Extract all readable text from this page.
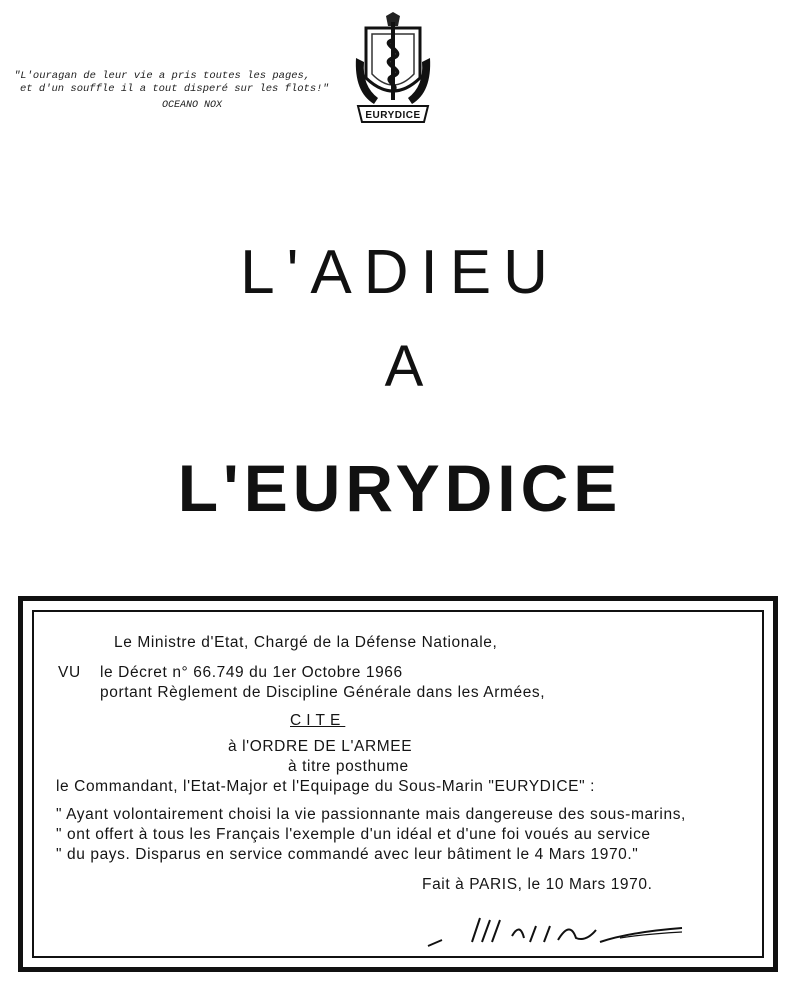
"L'ouragan de leur vie a pris toutes les pages,
et d'un souffle il a tout disperé sur les flots!"
OCEANO NOX
EURYDICE
L'ADIEU
A
L'EURYDICE
Le Ministre d'Etat, Chargé de la Défense Nationale,
VU le Décret n° 66.749 du 1er Octobre 1966
portant Règlement de Discipline Générale dans les Armées,
CITE
à l'ORDRE DE L'ARMEE
à titre posthume
le Commandant, l'Etat-Major et l'Equipage du Sous-Marin "EURYDICE" :
" Ayant volontairement choisi la vie passionnante mais dangereuse des sous-marins,
" ont offert à tous les Français l'exemple d'un idéal et d'une foi voués au service
" du pays. Disparus en service commandé avec leur bâtiment le 4 Mars 1970."
Fait à PARIS, le 10 Mars 1970.
